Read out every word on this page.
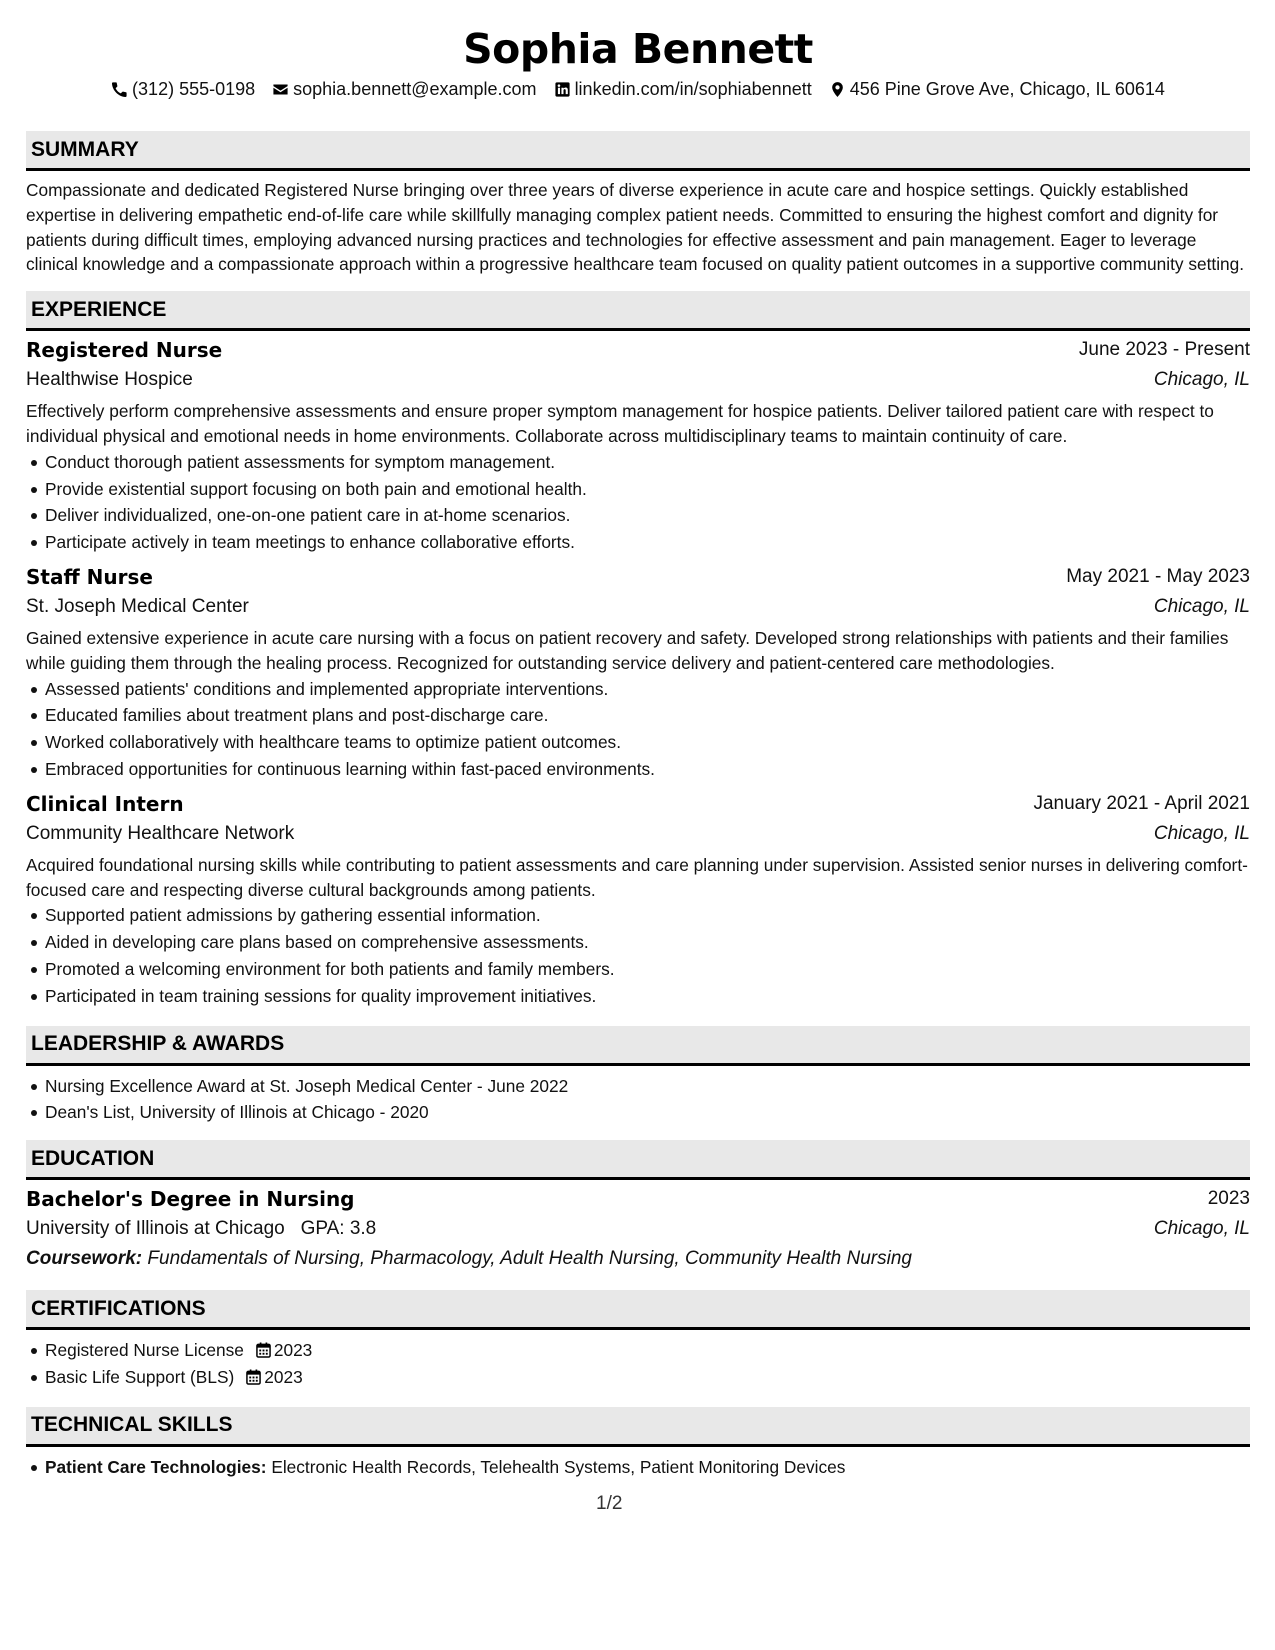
Sophia Bennett
(312) 555-0198 sophia.bennett@example.com linkedin.com/in/sophiabennett 456 Pine Grove Ave, Chicago, IL 60614
SUMMARY
Compassionate and dedicated Registered Nurse bringing over three years of diverse experience in acute care and hospice settings. Quickly established expertise in delivering empathetic end-of-life care while skillfully managing complex patient needs. Committed to ensuring the highest comfort and dignity for patients during difficult times, employing advanced nursing practices and technologies for effective assessment and pain management. Eager to leverage clinical knowledge and a compassionate approach within a progressive healthcare team focused on quality patient outcomes in a supportive community setting.
EXPERIENCE
Registered Nurse	June 2023 - Present
Healthwise Hospice	Chicago, IL
Effectively perform comprehensive assessments and ensure proper symptom management for hospice patients. Deliver tailored patient care with respect to individual physical and emotional needs in home environments. Collaborate across multidisciplinary teams to maintain continuity of care.
Conduct thorough patient assessments for symptom management.
Provide existential support focusing on both pain and emotional health.
Deliver individualized, one-on-one patient care in at-home scenarios.
Participate actively in team meetings to enhance collaborative efforts.
Staff Nurse	May 2021 - May 2023
St. Joseph Medical Center	Chicago, IL
Gained extensive experience in acute care nursing with a focus on patient recovery and safety. Developed strong relationships with patients and their families while guiding them through the healing process. Recognized for outstanding service delivery and patient-centered care methodologies.
Assessed patients' conditions and implemented appropriate interventions.
Educated families about treatment plans and post-discharge care.
Worked collaboratively with healthcare teams to optimize patient outcomes.
Embraced opportunities for continuous learning within fast-paced environments.
Clinical Intern	January 2021 - April 2021
Community Healthcare Network	Chicago, IL
Acquired foundational nursing skills while contributing to patient assessments and care planning under supervision. Assisted senior nurses in delivering comfort-focused care and respecting diverse cultural backgrounds among patients.
Supported patient admissions by gathering essential information.
Aided in developing care plans based on comprehensive assessments.
Promoted a welcoming environment for both patients and family members.
Participated in team training sessions for quality improvement initiatives.
LEADERSHIP & AWARDS
Nursing Excellence Award at St. Joseph Medical Center - June 2022
Dean's List, University of Illinois at Chicago - 2020
EDUCATION
Bachelor's Degree in Nursing	2023
University of Illinois at Chicago GPA: 3.8	Chicago, IL
Coursework: Fundamentals of Nursing, Pharmacology, Adult Health Nursing, Community Health Nursing
CERTIFICATIONS
Registered Nurse License 2023
Basic Life Support (BLS) 2023
TECHNICAL SKILLS
Patient Care Technologies: Electronic Health Records, Telehealth Systems, Patient Monitoring Devices
1/2
